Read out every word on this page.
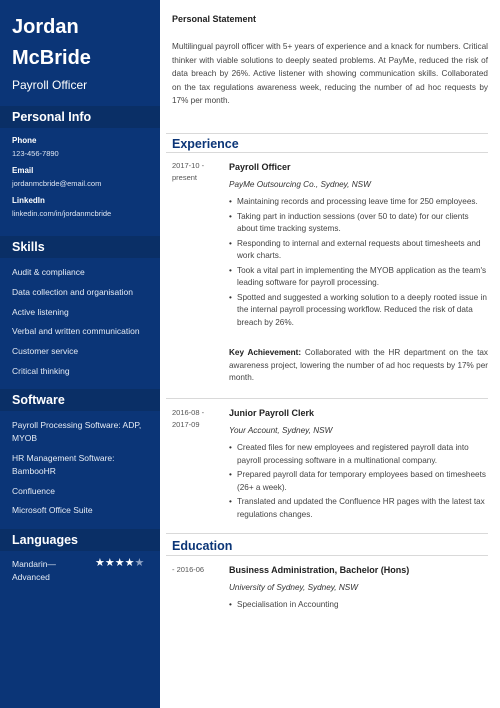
Jordan
McBride
Payroll Officer
Personal Info
Phone
123-456-7890
Email
jordanmcbride@email.com
LinkedIn
linkedin.com/in/jordanmcbride
Skills
Audit & compliance
Data collection and organisation
Active listening
Verbal and written communication
Customer service
Critical thinking
Software
Payroll Processing Software: ADP, MYOB
HR Management Software: BambooHR
Confluence
Microsoft Office Suite
Languages
Mandarin—
Advanced
★★★★★
Personal Statement
Multilingual payroll officer with 5+ years of experience and a knack for numbers. Critical thinker with viable solutions to deeply seated problems. At PayMe, reduced the risk of data breach by 26%. Active listener with showing communication skills. Collaborated on the tax regulations awareness week, reducing the number of ad hoc requests by 17% per month.
Experience
2017-10 - present
Payroll Officer
PayMe Outsourcing Co., Sydney, NSW
• Maintaining records and processing leave time for 250 employees.
• Taking part in induction sessions (over 50 to date) for our clients about time tracking systems.
• Responding to internal and external requests about timesheets and work charts.
• Took a vital part in implementing the MYOB application as the team's leading software for payroll processing.
• Spotted and suggested a working solution to a deeply rooted issue in the internal payroll processing workflow. Reduced the risk of data breach by 26%.
Key Achievement: Collaborated with the HR department on the tax awareness project, lowering the number of ad hoc requests by 17% per month.
2016-08 - 2017-09
Junior Payroll Clerk
Your Account, Sydney, NSW
• Created files for new employees and registered payroll data into payroll processing software in a multinational company.
• Prepared payroll data for temporary employees based on timesheets (26+ a week).
• Translated and updated the Confluence HR pages with the latest tax regulations changes.
Education
- 2016-06	Business Administration, Bachelor (Hons)
University of Sydney, Sydney, NSW
• Specialisation in Accounting
